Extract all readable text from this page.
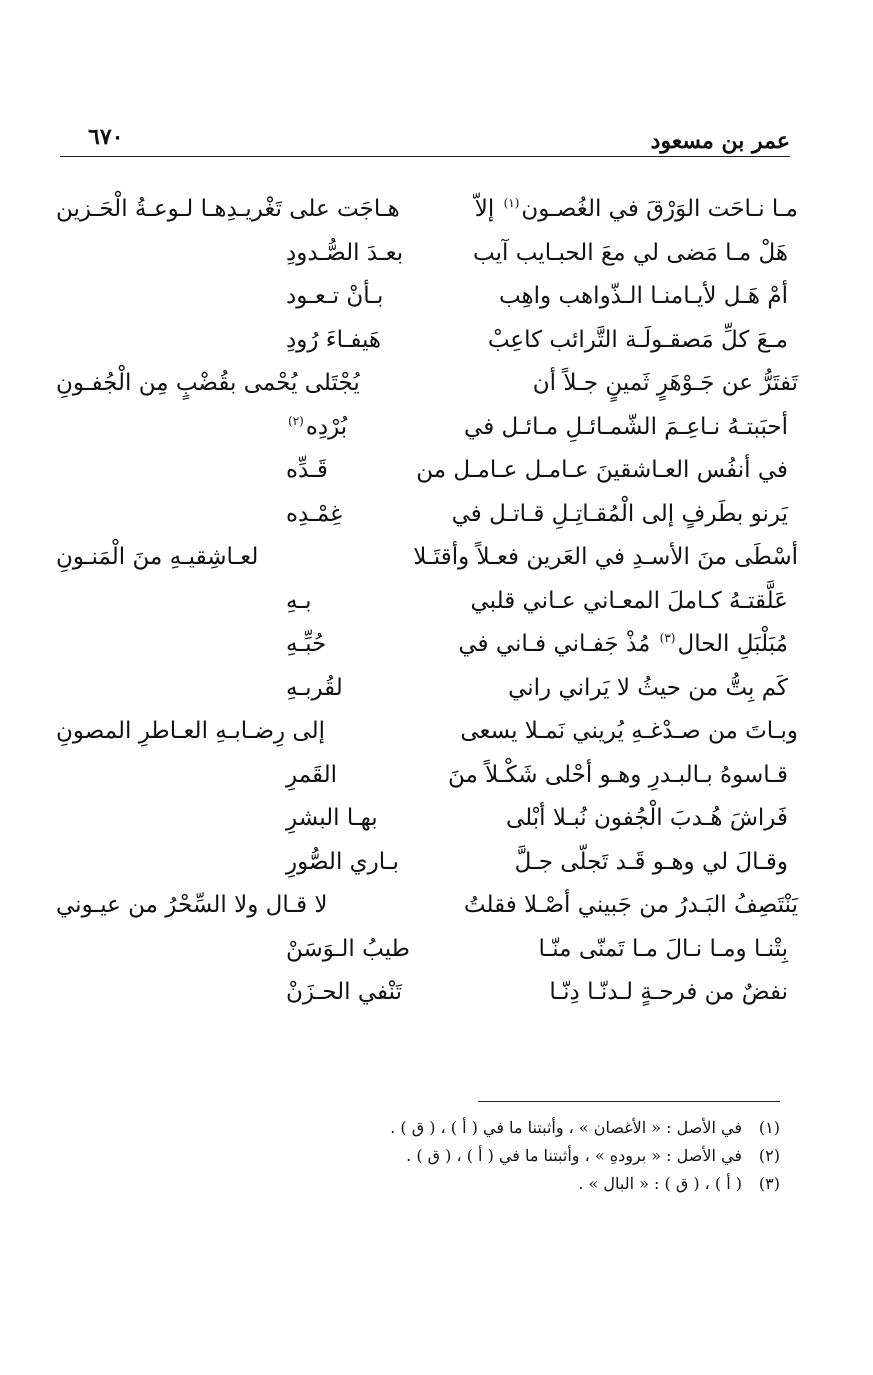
عمر بن مسعود
٦٧٠
مـا نـاحَت الوَرْقَ في الغُصـون$^{(١)}$ إلاّ
هـاجَت على تَغْريـدِهـا لـوعـةُ الْحَـزين
هَلْ مـا مَضى لي معَ الحبـايب آيب
بعـدَ الصُّـدودِ
أمْ هَـل لأيـامنـا الـذّواهب واهِب
بـأنْ تـعـود
مـعَ كلِّ مَصقـولَـة التَّرائب كاعِبْ
هَيفـاءَ رُودِ
تَفتَرُّ عن جَـوْهَرٍ ثَمينٍ جـلاً أن
يُجْتَلى يُحْمى بقُضْبٍ مِن الْجُفـونِ
أحبَبتـهُ نـاعِـمَ الشّمـائـلِ مـائـل في
بُرْدِه$^{(٢)}$
في أنفُس العـاشقينَ عـامـل عـامـل من
قَـدِّه
يَرنو بطَرفٍ إلى الْمُقـاتِـلِ قـاتـل في
غِمْـدِه
أسْطَى منَ الأسـدِ في العَرين فعـلاً وأقتَـلا
لعـاشِقيـهِ منَ الْمَنـونِ
عَلَّقتـهُ كـاملَ المعـاني عـاني قلبي
بـهِ
مُبَلْبَلِ الحال$^{(٣)}$ مُذْ جَفـاني فـاني في
حُبِّـهِ
كَم بِتُّ من حيثُ لا يَراني راني
لقُربـهِ
وبـاتَ من صـدْغـهِ يُريني نَمـلا يسعى
إلى رِضـابـهِ العـاطرِ المصونِ
قـاسوهُ بـالبـدرِ وهـو أحْلى شَكْـلاً منَ
القَمرِ
فَراشَ هُـدبَ الْجُفون نُبـلا أبْلى
بهـا البشرِ
وقـالَ لي وهـو قَـد تَجلّى جـلَّ
بـاري الصُّورِ
يَنْتَصِفُ البَـدرُ من جَبيني أصْـلا فقلتُ
لا قـال ولا السِّحْرُ من عيـوني
بِتْنـا ومـا نـالَ مـا تَمنّى منّـا
طيبُ الـوَسَنْ
نفضٌ من فرحـةٍ لـدنّـا دِنّـا
تَنْفي الحـزَنْ
(١)في الأصل : « الأغصان » ، وأثبتنا ما في ( أ ) ، ( ق ) .
(٢)في الأصل : « برودهِ » ، وأثبتنا ما في ( أ ) ، ( ق ) .
(٣)( أ ) ، ( ق ) : « البال » .
